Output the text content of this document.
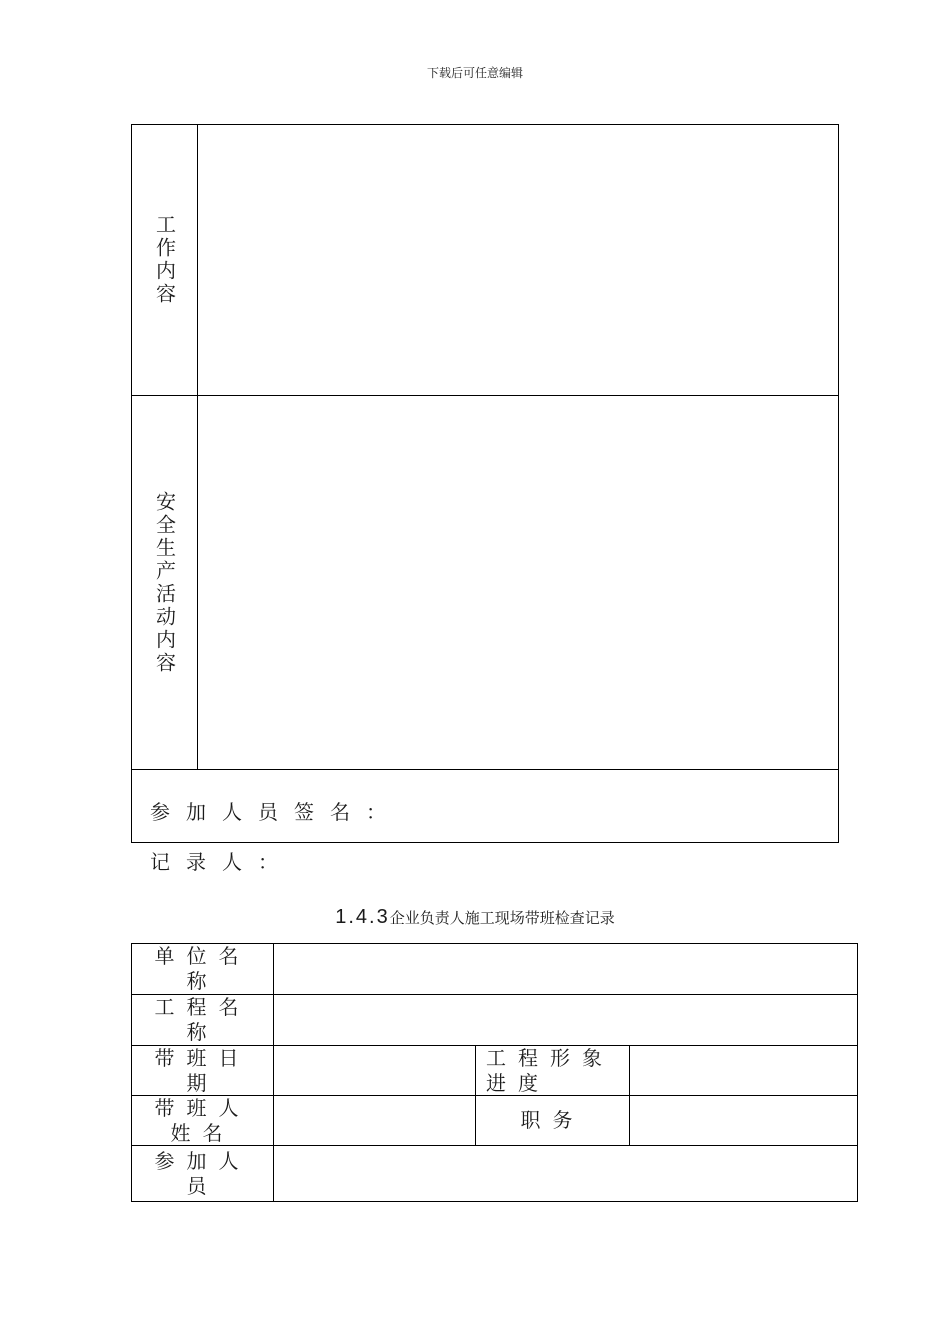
下载后可任意编辑
工作内容
安全生产活动内容
参加人员签名：
记录人：
1.4.3企业负责人施工现场带班检查记录
单位名称
工程名称
带班日期
工程形象进度
带班人姓名
职务
参加人员
